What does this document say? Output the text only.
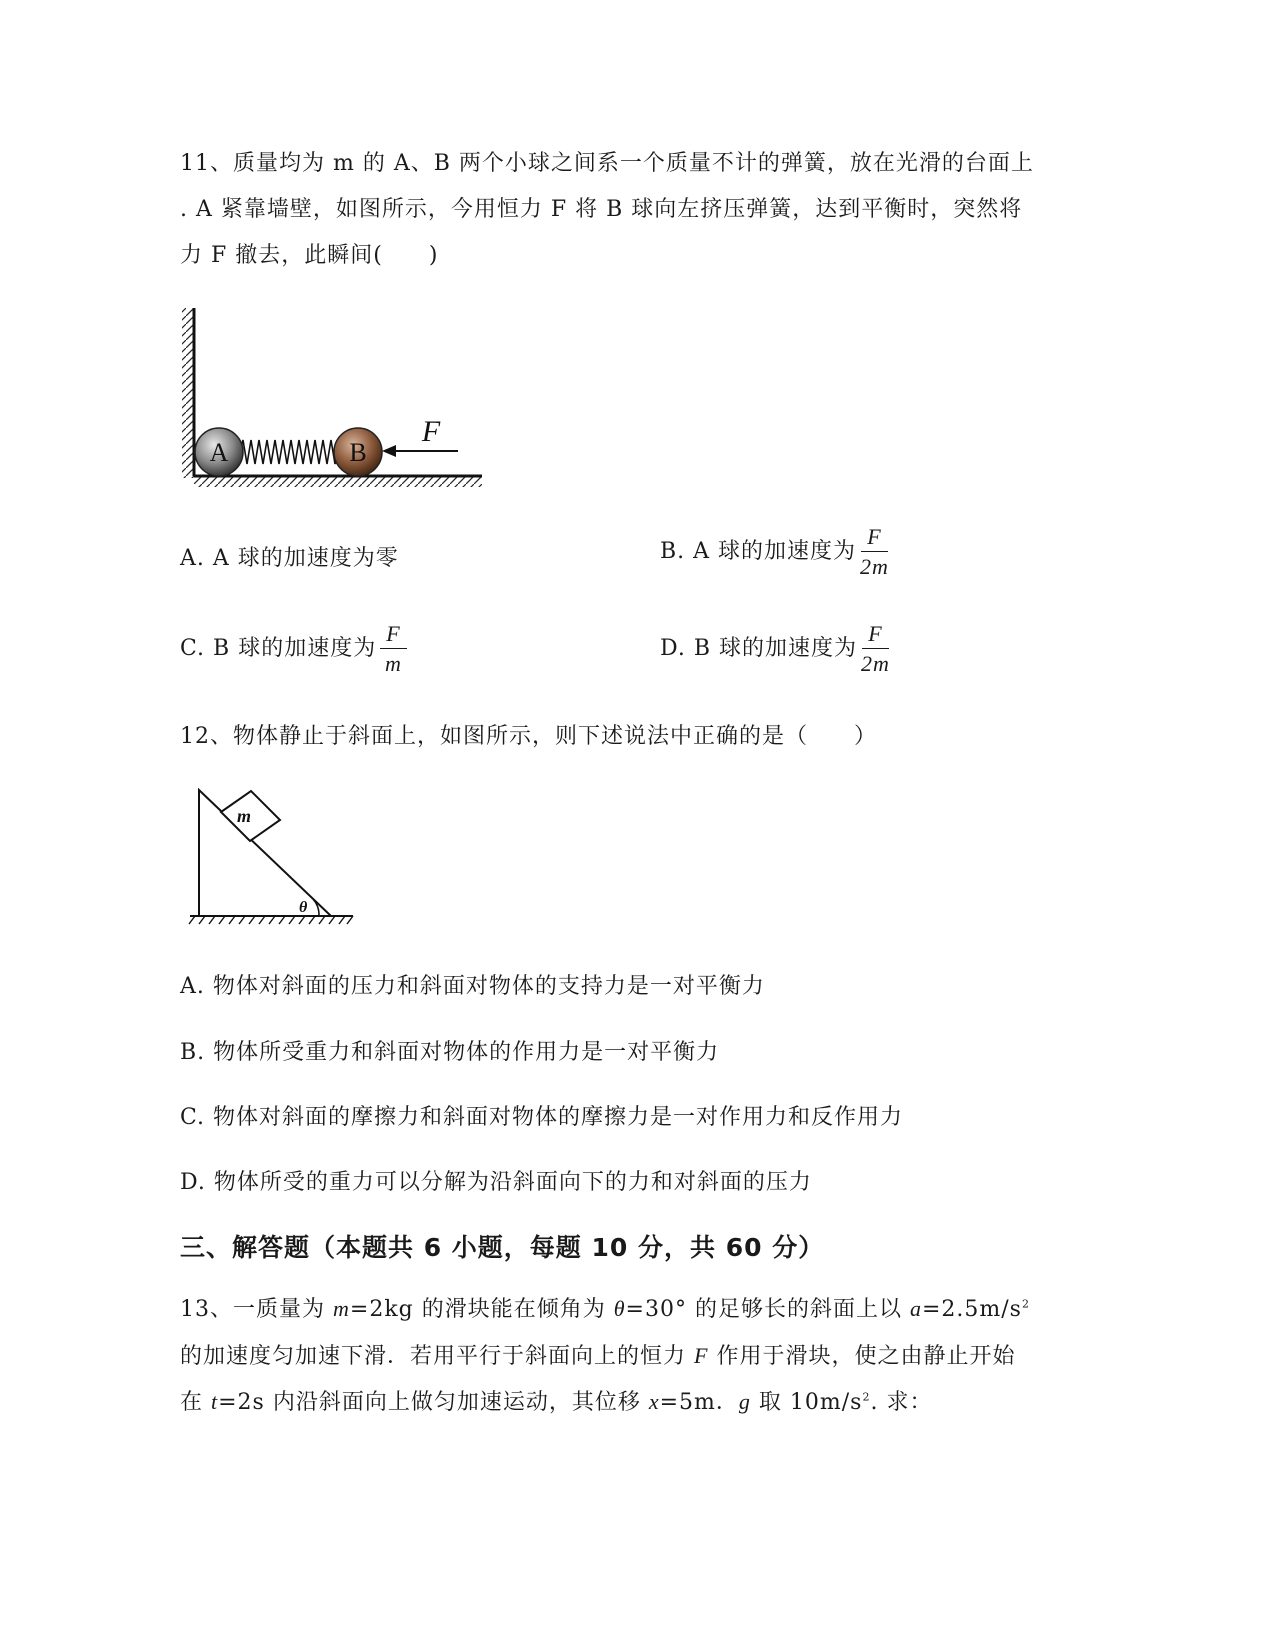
11、质量均为 m 的 A、B 两个小球之间系一个质量不计的弹簧，放在光滑的台面上
. A 紧靠墙壁，如图所示，今用恒力 F 将 B 球向左挤压弹簧，达到平衡时，突然将
力 F 撤去，此瞬间(　　)
A	B
F
A. A 球的加速度为零	B. A 球的加速度为 $\frac{F}{2m}$
C. B 球的加速度为 $\frac{F}{m}$	D. B 球的加速度为 $\frac{F}{2m}$
12、物体静止于斜面上，如图所示，则下述说法中正确的是（　　）
θ
m
A. 物体对斜面的压力和斜面对物体的支持力是一对平衡力
B. 物体所受重力和斜面对物体的作用力是一对平衡力
C. 物体对斜面的摩擦力和斜面对物体的摩擦力是一对作用力和反作用力
D. 物体所受的重力可以分解为沿斜面向下的力和对斜面的压力
三、解答题（本题共 6 小题，每题 10 分，共 60 分）
13、一质量为 m=2kg 的滑块能在倾角为 θ=30° 的足够长的斜面上以 $a=2.5m/s^2$
的加速度匀加速下滑．若用平行于斜面向上的恒力 F 作用于滑块，使之由静止开始
在 t=2s 内沿斜面向上做匀加速运动，其位移 x=5m．g 取 $10m/s^2$. 求：
